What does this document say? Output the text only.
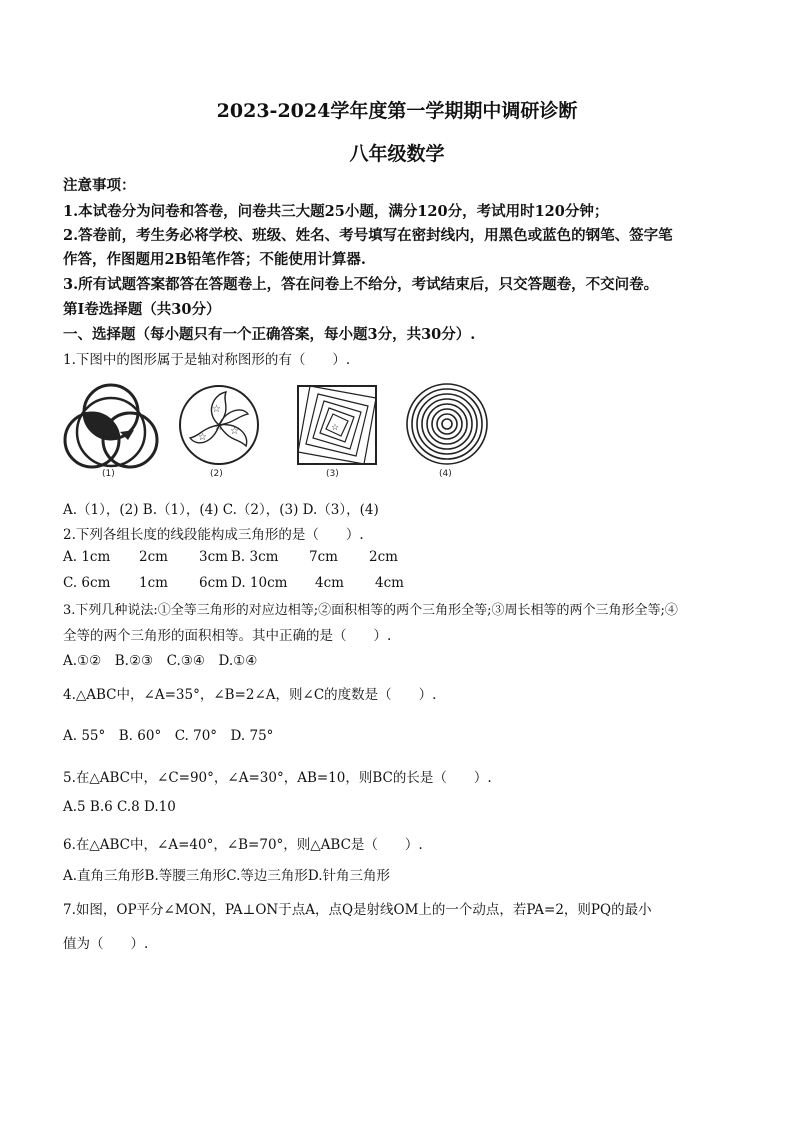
2023-2024学年度第一学期期中调研诊断
八年级数学
注意事项：
1.本试卷分为问卷和答卷，问卷共三大题25小题，满分120分，考试用时120分钟；
2.答卷前，考生务必将学校、班级、姓名、考号填写在密封线内，用黑色或蓝色的钢笔、签字笔
作答，作图题用2B铅笔作答；不能使用计算器.
3.所有试题答案都答在答题卷上，答在问卷上不给分，考试结束后，只交答题卷，不交问卷。
第Ⅰ卷选择题（共30分）
一、选择题（每小题只有一个正确答案，每小题3分，共30分）.
1.下图中的图形属于是轴对称图形的有（　　）.
(1)
☆
☆
☆
☆
(2)
☆
(3)	(4)
A.（1），(2) B.（1），(4) C.（2），(3) D.（3），(4)
2.下列各组长度的线段能构成三角形的是（　　）.
A. 1cm 2cm 3cm B. 3cm 7cm 2cm
C. 6cm 1cm 6cm D. 10cm 4cm 4cm
3.下列几种说法:①全等三角形的对应边相等;②面积相等的两个三角形全等;③周长相等的两个三角形全等;④
全等的两个三角形的面积相等。其中正确的是（　　）.
A.①②　B.②③　C.③④　D.①④
4.△ABC中，∠A=35°，∠B=2∠A，则∠C的度数是（　　）.
A. 55°　B. 60°　C. 70°　D. 75°
5.在△ABC中，∠C=90°，∠A=30°，AB=10，则BC的长是（　　）.
A.5 B.6 C.8 D.10
6.在△ABC中，∠A=40°，∠B=70°，则△ABC是（　　）.
A.直角三角形B.等腰三角形C.等边三角形D.针角三角形
7.如图，OP平分∠MON，PA⊥ON于点A，点Q是射线OM上的一个动点，若PA=2，则PQ的最小
值为（　　）.
